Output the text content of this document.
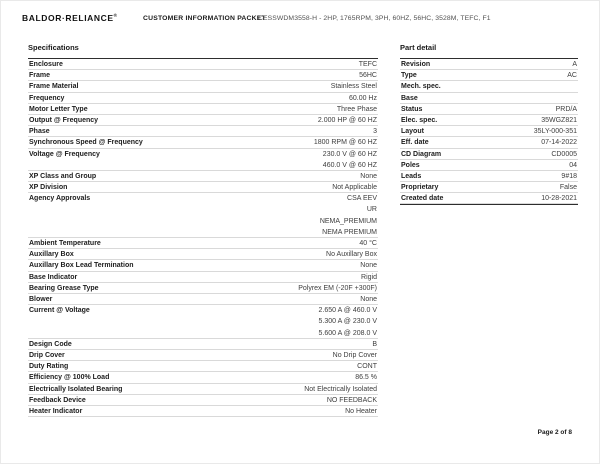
BALDOR·RELIANCE®	CUSTOMER INFORMATION PACKET
CESSWDM3558-H - 2HP, 1765RPM, 3PH, 60HZ, 56HC, 3528M, TEFC, F1
Specifications	Part detail
Enclosure	TEFC
Frame	56HC
Frame Material	Stainless Steel
Frequency	60.00 Hz
Motor Letter Type	Three Phase
Output @ Frequency	2.000 HP @ 60 HZ
Phase	3
Synchronous Speed @ Frequency	1800 RPM @ 60 HZ
Voltage @ Frequency	230.0 V @ 60 HZ
460.0 V @ 60 HZ
XP Class and Group	None
XP Division	Not Applicable
Agency Approvals	CSA EEV
UR
NEMA_PREMIUM
NEMA PREMIUM
Ambient Temperature	40 °C
Auxillary Box	No Auxillary Box
Auxillary Box Lead Termination	None
Base Indicator	Rigid
Bearing Grease Type	Polyrex EM (-20F +300F)
Blower	None
Current @ Voltage	2.650 A @ 460.0 V
5.300 A @ 230.0 V
5.600 A @ 208.0 V
Design Code	B
Drip Cover	No Drip Cover
Duty Rating	CONT
Efficiency @ 100% Load	86.5 %
Electrically Isolated Bearing	Not Electrically Isolated
Feedback Device	NO FEEDBACK
Heater Indicator	No Heater
Revision	A
Type	AC
Mech. spec.
Base
Status	PRD/A
Elec. spec.	35WGZ821
Layout	35LY-000-351
Eff. date	07-14-2022
CD Diagram	CD0005
Poles	04
Leads	9#18
Proprietary	False
Created date	10-28-2021
Page 2 of 8
